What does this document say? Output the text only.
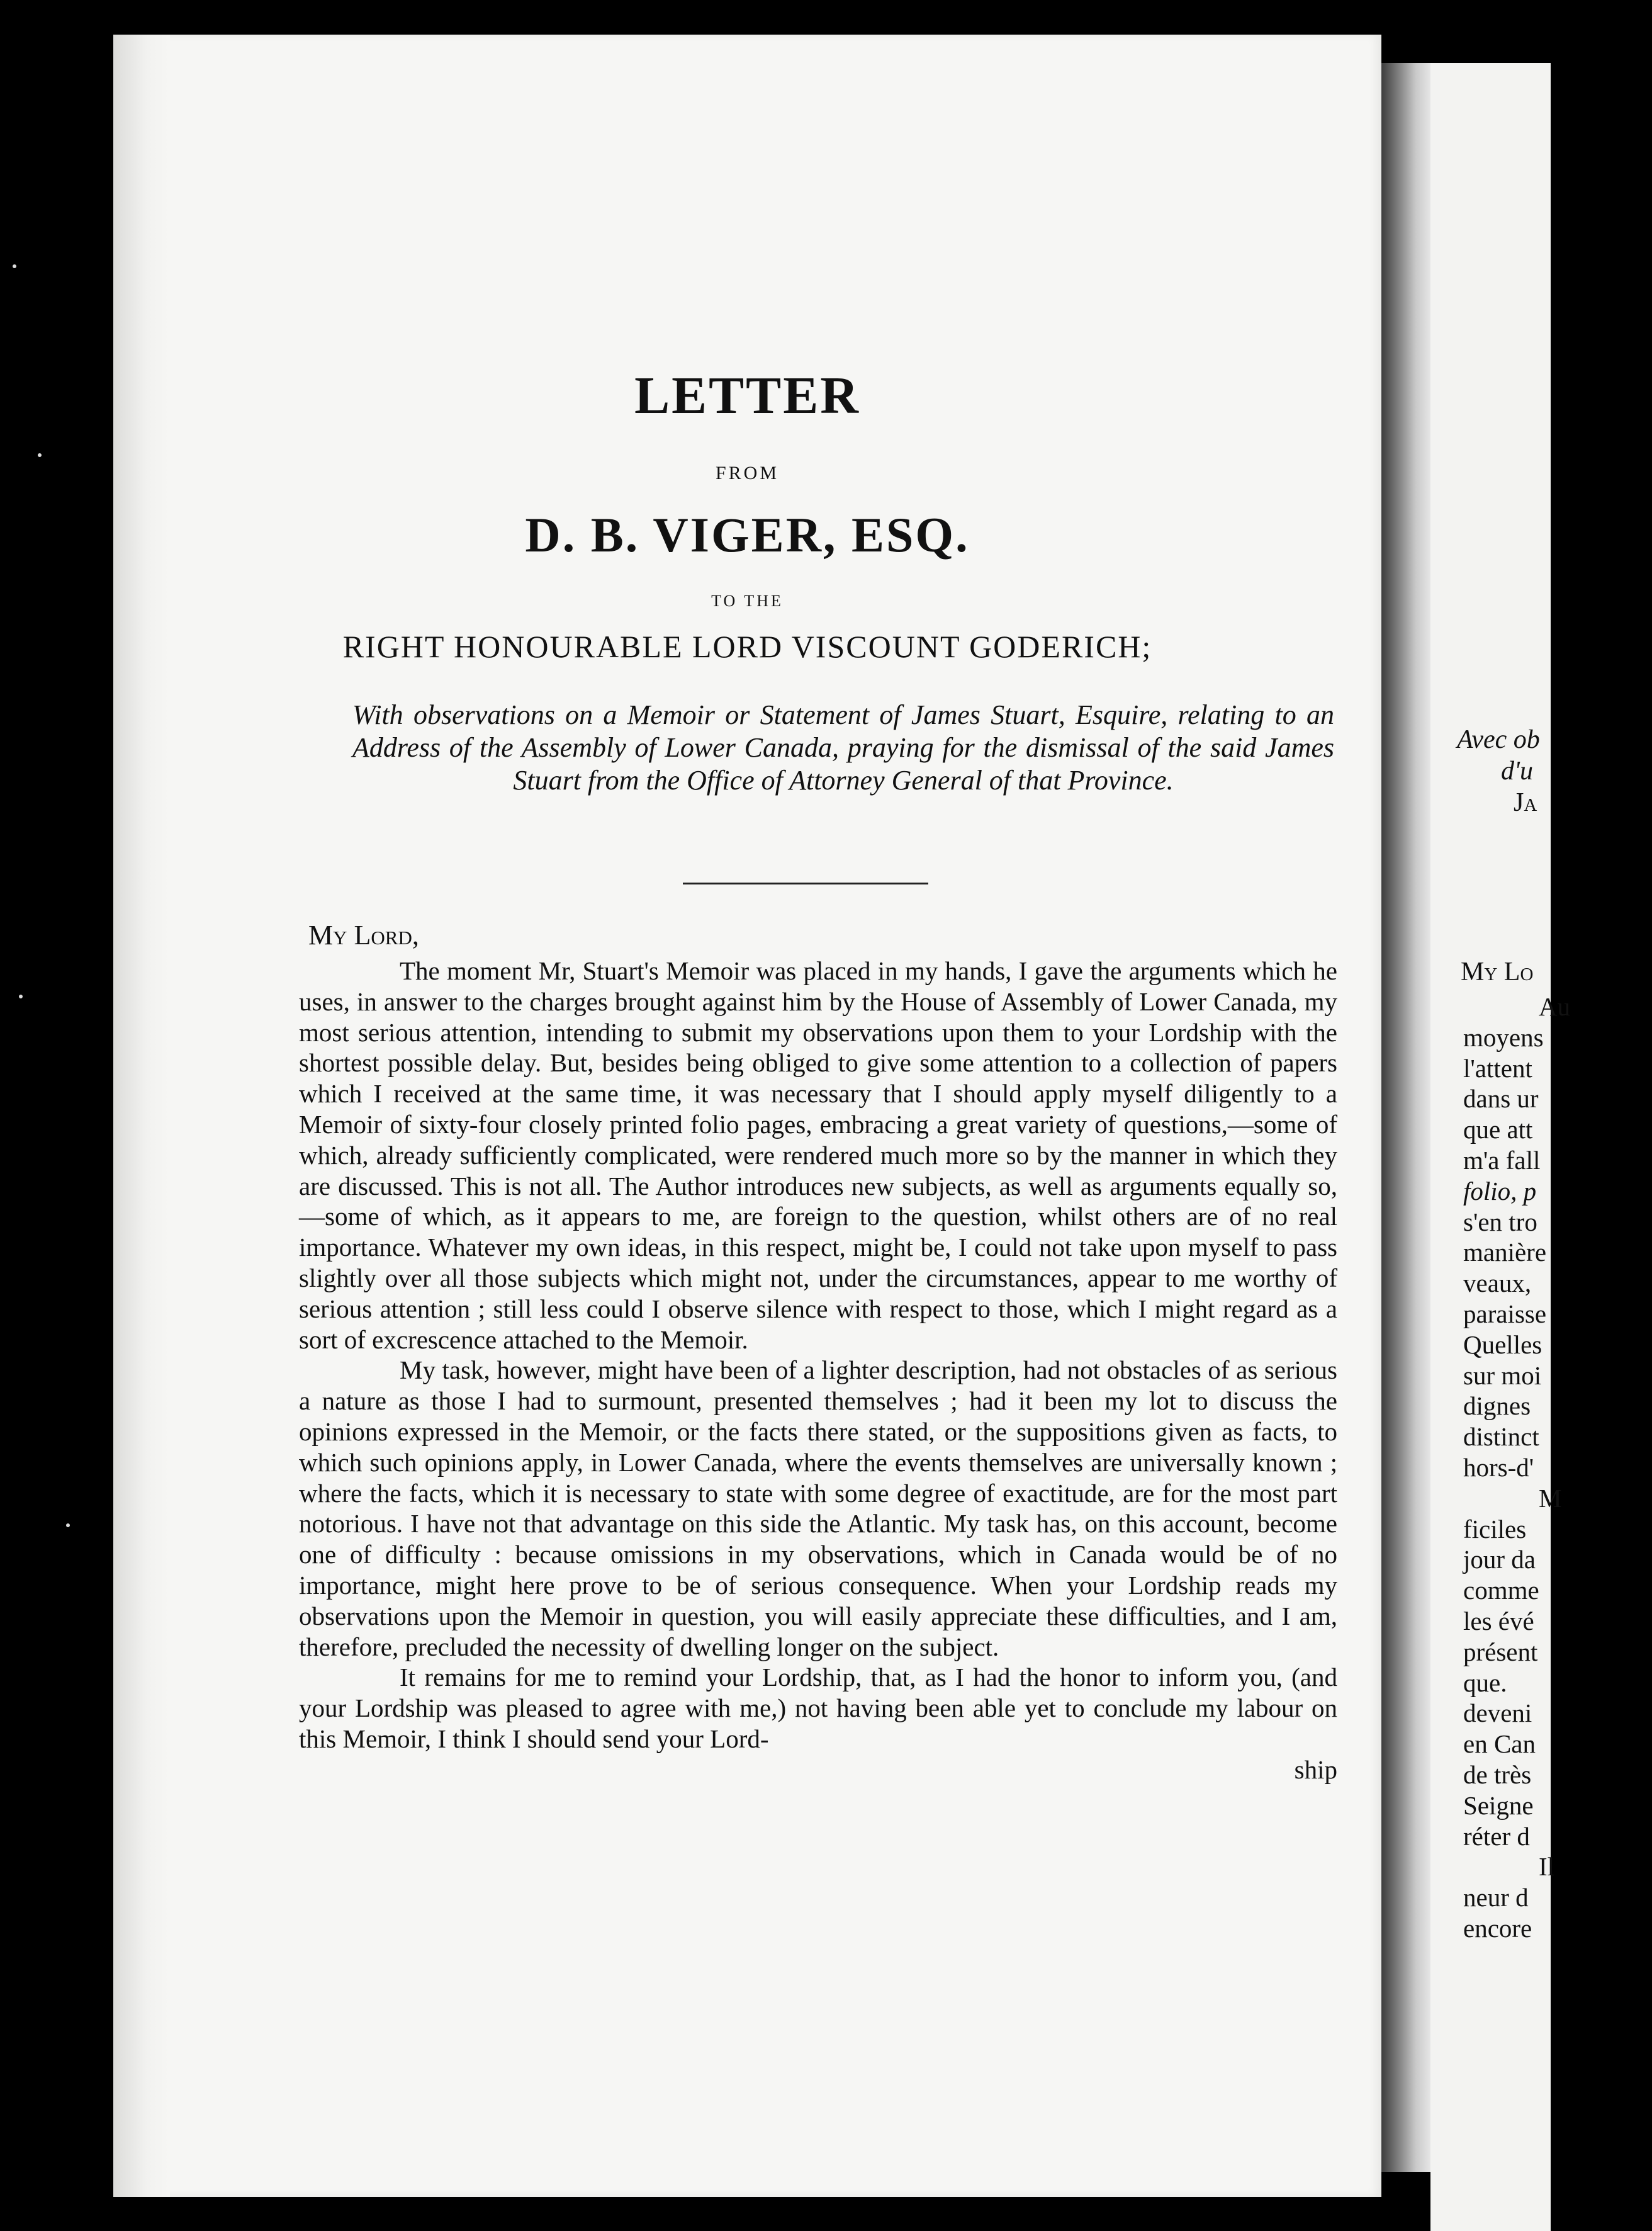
LETTER
FROM
D. B. VIGER, ESQ.
TO THE
RIGHT HONOURABLE LORD VISCOUNT GODERICH;
With observations on a Memoir or Statement of James Stuart, Esquire, relating to an Address of the Assembly of Lower Canada, praying for the dismissal of the said James Stuart from the Office of Attorney General of that Province.
My Lord,

The moment Mr, Stuart's Memoir was placed in my hands, I gave the arguments which he uses, in answer to the charges brought against him by the House of Assembly of Lower Canada, my most serious attention, intending to submit my observations upon them to your Lordship with the shortest possible delay. But, besides being obliged to give some attention to a collection of papers which I received at the same time, it was necessary that I should apply myself diligently to a Memoir of sixty-four closely printed folio pages, embracing a great variety of questions,—some of which, already sufficiently complicated, were rendered much more so by the manner in which they are discussed. This is not all. The Author introduces new subjects, as well as arguments equally so,—some of which, as it appears to me, are foreign to the question, whilst others are of no real importance. Whatever my own ideas, in this respect, might be, I could not take upon myself to pass slightly over all those subjects which might not, under the circumstances, appear to me worthy of serious attention ; still less could I observe silence with respect to those, which I might regard as a sort of excrescence attached to the Memoir.

My task, however, might have been of a lighter description, had not obstacles of as serious a nature as those I had to surmount, presented themselves ; had it been my lot to discuss the opinions expressed in the Memoir, or the facts there stated, or the suppositions given as facts, to which such opinions apply, in Lower Canada, where the events themselves are universally known ; where the facts, which it is necessary to state with some degree of exactitude, are for the most part notorious. I have not that advantage on this side the Atlantic. My task has, on this account, become one of difficulty : because omissions in my observations, which in Canada would be of no importance, might here prove to be of serious consequence. When your Lordship reads my observations upon the Memoir in question, you will easily appreciate these difficulties, and I am, therefore, precluded the necessity of dwelling longer on the subject.

It remains for me to remind your Lordship, that, as I had the honor to inform you, (and your Lordship was pleased to agree with me,) not having been able yet to conclude my labour on this Memoir, I think I should send your Lord-

ship
Avec ob
d'u
Ja
My Lo
Au
moyens
l'attent
dans ur
que att
m'a fall
folio, p
s'en tro
manière
veaux,
paraisse
Quelles
sur moi
dignes
distinct
hors-d'
M
ficiles
jour da
comme
les évé
présent
que.
deveni
en Can
de très
Seigne
réter d
Il
neur d
encore
